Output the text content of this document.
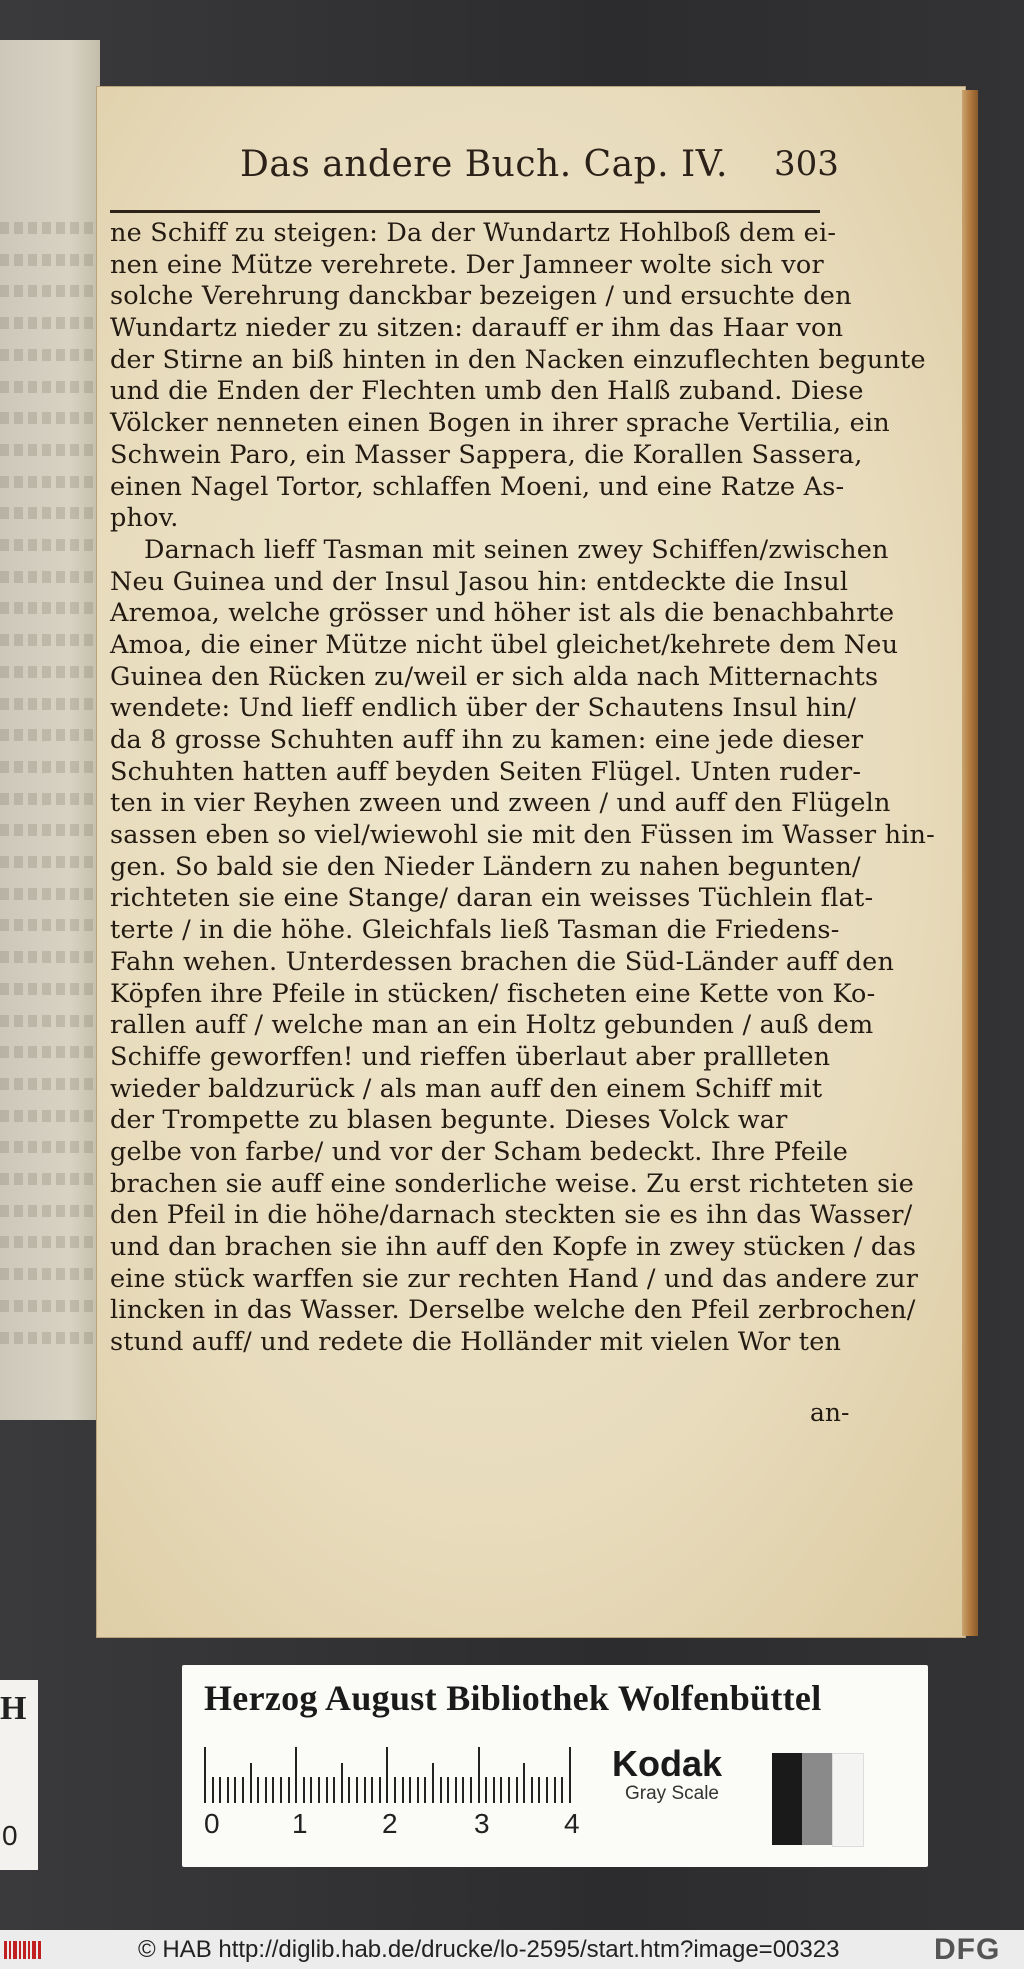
Das andere Buch. Cap. IV. 303
ne Schiff zu steigen: Da der Wundartz Hohlboß dem ei-
nen eine Mütze verehrete. Der Jamneer wolte sich vor
solche Verehrung danckbar bezeigen / und ersuchte den
Wundartz nieder zu sitzen: darauff er ihm das Haar von
der Stirne an biß hinten in den Nacken einzuflechten begunte
und die Enden der Flechten umb den Halß zuband. Diese
Völcker nenneten einen Bogen in ihrer sprache Vertilia, ein
Schwein Paro, ein Masser Sappera, die Korallen Sassera,
einen Nagel Tortor, schlaffen Moeni, und eine Ratze As-
phov.
Darnach lieff Tasman mit seinen zwey Schiffen/zwischen
Neu Guinea und der Insul Jasou hin: entdeckte die Insul
Aremoa, welche grösser und höher ist als die benachbahrte
Amoa, die einer Mütze nicht übel gleichet/kehrete dem Neu
Guinea den Rücken zu/weil er sich alda nach Mitternachts
wendete: Und lieff endlich über der Schautens Insul hin/
da 8 grosse Schuhten auff ihn zu kamen: eine jede dieser
Schuhten hatten auff beyden Seiten Flügel. Unten ruder-
ten in vier Reyhen zween und zween / und auff den Flügeln
sassen eben so viel/wiewohl sie mit den Füssen im Wasser hin-
gen. So bald sie den Nieder Ländern zu nahen begunten/
richteten sie eine Stange/ daran ein weisses Tüchlein flat-
terte / in die höhe. Gleichfals ließ Tasman die Friedens-
Fahn wehen. Unterdessen brachen die Süd-Länder auff den
Köpfen ihre Pfeile in stücken/ fischeten eine Kette von Ko-
rallen auff / welche man an ein Holtz gebunden / auß dem
Schiffe geworffen! und rieffen überlaut aber prallleten
wieder baldzurück / als man auff den einem Schiff mit
der Trompette zu blasen begunte. Dieses Volck war
gelbe von farbe/ und vor der Scham bedeckt. Ihre Pfeile
brachen sie auff eine sonderliche weise. Zu erst richteten sie
den Pfeil in die höhe/darnach steckten sie es ihn das Wasser/
und dan brachen sie ihn auff den Kopfe in zwey stücken / das
eine stück warffen sie zur rechten Hand / und das andere zur
lincken in das Wasser. Derselbe welche den Pfeil zerbrochen/
stund auff/ und redete die Holländer mit vielen Wor ten
an-
H
0
Herzog August Bibliothek Wolfenbüttel
0	1	2	3	4
Kodak
Gray Scale
© HAB http://diglib.hab.de/drucke/lo-2595/start.htm?image=00323	DFG
